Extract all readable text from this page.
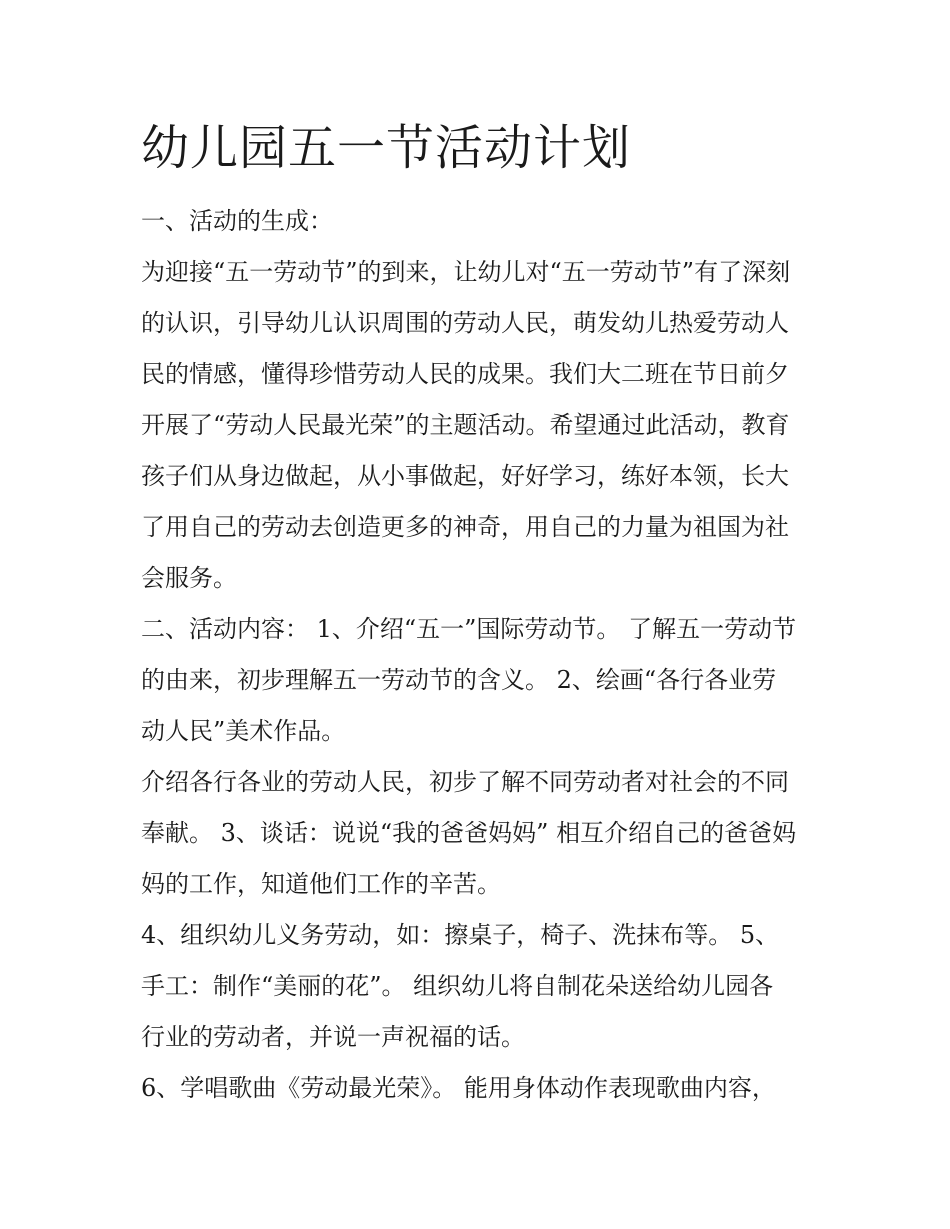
幼儿园五一节活动计划

一、活动的生成：

为迎接“五一劳动节”的到来，让幼儿对“五一劳动节”有了深刻
的认识，引导幼儿认识周围的劳动人民，萌发幼儿热爱劳动人
民的情感，懂得珍惜劳动人民的成果。我们大二班在节日前夕
开展了“劳动人民最光荣”的主题活动。希望通过此活动，教育
孩子们从身边做起，从小事做起，好好学习，练好本领，长大
了用自己的劳动去创造更多的神奇，用自己的力量为祖国为社
会服务。

二、活动内容： 1、介绍“五一”国际劳动节。 了解五一劳动节
的由来，初步理解五一劳动节的含义。 2、绘画“各行各业劳
动人民”美术作品。

介绍各行各业的劳动人民，初步了解不同劳动者对社会的不同
奉献。 3、谈话：说说“我的爸爸妈妈” 相互介绍自己的爸爸妈
妈的工作，知道他们工作的辛苦。

4、组织幼儿义务劳动，如：擦桌子，椅子、洗抹布等。 5、
手工：制作“美丽的花”。 组织幼儿将自制花朵送给幼儿园各
行业的劳动者，并说一声祝福的话。

6、学唱歌曲《劳动最光荣》。 能用身体动作表现歌曲内容，
